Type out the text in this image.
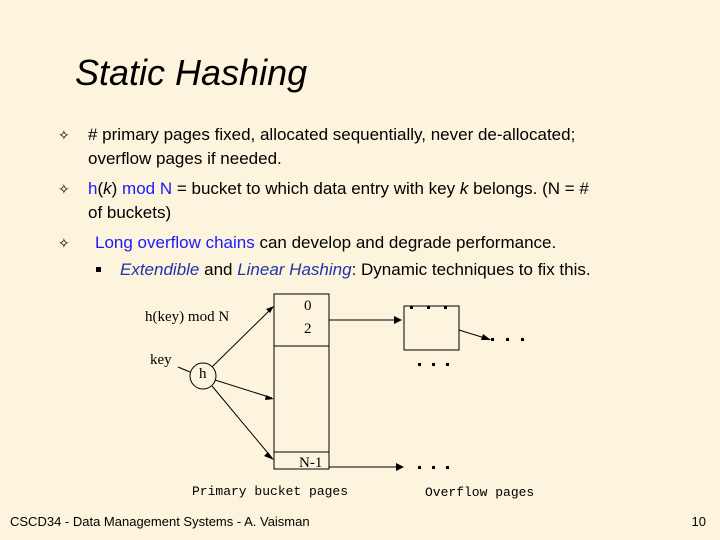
Static Hashing
✧ # primary pages fixed, allocated sequentially, never de-allocated;
overflow pages if needed.
✧ h(k) mod N = bucket to which data entry with key k belongs. (N = #
of buckets)
✧ Long overflow chains can develop and degrade performance.
Extendible and Linear Hashing: Dynamic techniques to fix this.
h(key) mod N
key
h
0
2
N-1
Primary bucket pages	Overflow pages
CSCD34 - Data Management Systems - A. Vaisman	10
